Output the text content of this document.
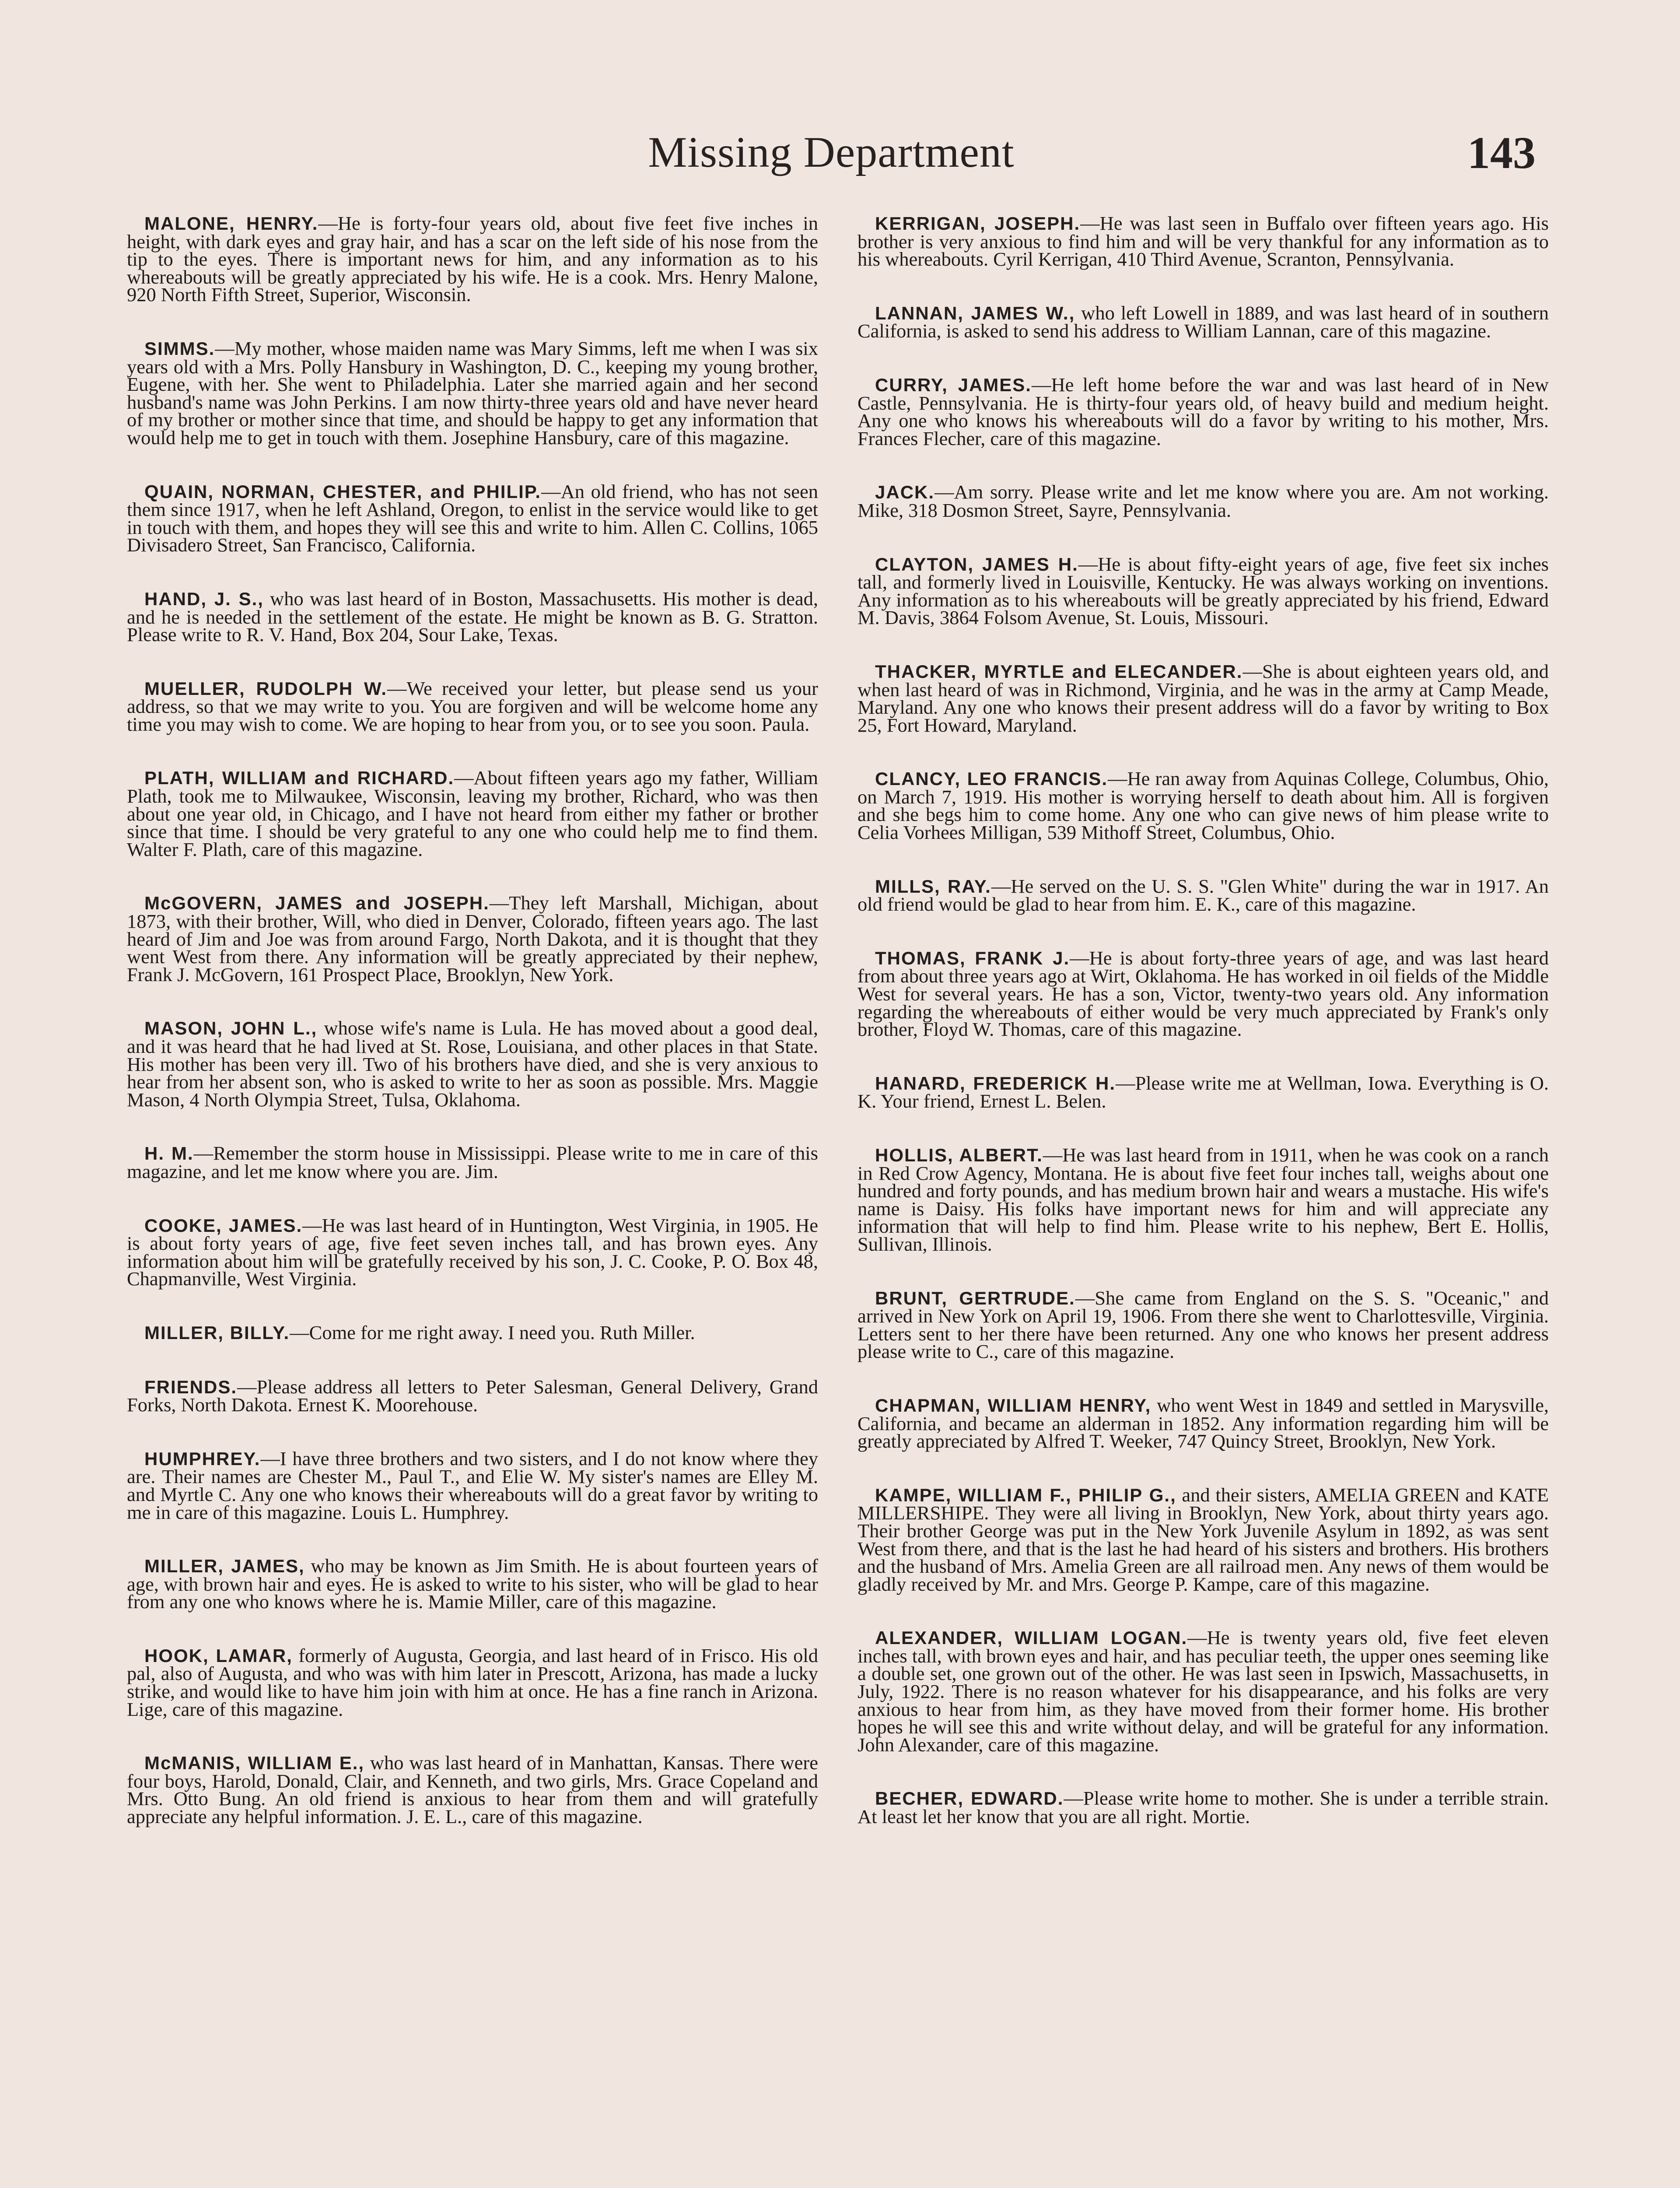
Missing Department	143

MALONE, HENRY.—He is forty-four years old, about five feet five inches in height, with dark eyes and gray hair, and has a scar on the left side of his nose from the tip to the eyes. There is important news for him, and any information as to his whereabouts will be greatly appreciated by his wife. He is a cook. Mrs. Henry Malone, 920 North Fifth Street, Superior, Wisconsin.

SIMMS.—My mother, whose maiden name was Mary Simms, left me when I was six years old with a Mrs. Polly Hansbury in Washington, D. C., keeping my young brother, Eugene, with her. She went to Philadelphia. Later she married again and her second husband's name was John Perkins. I am now thirty-three years old and have never heard of my brother or mother since that time, and should be happy to get any information that would help me to get in touch with them. Josephine Hansbury, care of this magazine.

QUAIN, NORMAN, CHESTER, and PHILIP.—An old friend, who has not seen them since 1917, when he left Ashland, Oregon, to enlist in the service would like to get in touch with them, and hopes they will see this and write to him. Allen C. Collins, 1065 Divisadero Street, San Francisco, California.

HAND, J. S., who was last heard of in Boston, Massachusetts. His mother is dead, and he is needed in the settlement of the estate. He might be known as B. G. Stratton. Please write to R. V. Hand, Box 204, Sour Lake, Texas.

MUELLER, RUDOLPH W.—We received your letter, but please send us your address, so that we may write to you. You are forgiven and will be welcome home any time you may wish to come. We are hoping to hear from you, or to see you soon. Paula.

PLATH, WILLIAM and RICHARD.—About fifteen years ago my father, William Plath, took me to Milwaukee, Wisconsin, leaving my brother, Richard, who was then about one year old, in Chicago, and I have not heard from either my father or brother since that time. I should be very grateful to any one who could help me to find them. Walter F. Plath, care of this magazine.

McGOVERN, JAMES and JOSEPH.—They left Marshall, Michigan, about 1873, with their brother, Will, who died in Denver, Colorado, fifteen years ago. The last heard of Jim and Joe was from around Fargo, North Dakota, and it is thought that they went West from there. Any information will be greatly appreciated by their nephew, Frank J. McGovern, 161 Prospect Place, Brooklyn, New York.

MASON, JOHN L., whose wife's name is Lula. He has moved about a good deal, and it was heard that he had lived at St. Rose, Louisiana, and other places in that State. His mother has been very ill. Two of his brothers have died, and she is very anxious to hear from her absent son, who is asked to write to her as soon as possible. Mrs. Maggie Mason, 4 North Olympia Street, Tulsa, Oklahoma.

H. M.—Remember the storm house in Mississippi. Please write to me in care of this magazine, and let me know where you are. Jim.

COOKE, JAMES.—He was last heard of in Huntington, West Virginia, in 1905. He is about forty years of age, five feet seven inches tall, and has brown eyes. Any information about him will be gratefully received by his son, J. C. Cooke, P. O. Box 48, Chapmanville, West Virginia.

MILLER, BILLY.—Come for me right away. I need you. Ruth Miller.

FRIENDS.—Please address all letters to Peter Salesman, General Delivery, Grand Forks, North Dakota. Ernest K. Moorehouse.

HUMPHREY.—I have three brothers and two sisters, and I do not know where they are. Their names are Chester M., Paul T., and Elie W. My sister's names are Elley M. and Myrtle C. Any one who knows their whereabouts will do a great favor by writing to me in care of this magazine. Louis L. Humphrey.

MILLER, JAMES, who may be known as Jim Smith. He is about fourteen years of age, with brown hair and eyes. He is asked to write to his sister, who will be glad to hear from any one who knows where he is. Mamie Miller, care of this magazine.

HOOK, LAMAR, formerly of Augusta, Georgia, and last heard of in Frisco. His old pal, also of Augusta, and who was with him later in Prescott, Arizona, has made a lucky strike, and would like to have him join with him at once. He has a fine ranch in Arizona. Lige, care of this magazine.

McMANIS, WILLIAM E., who was last heard of in Manhattan, Kansas. There were four boys, Harold, Donald, Clair, and Kenneth, and two girls, Mrs. Grace Copeland and Mrs. Otto Bung. An old friend is anxious to hear from them and will gratefully appreciate any helpful information. J. E. L., care of this magazine.

KERRIGAN, JOSEPH.—He was last seen in Buffalo over fifteen years ago. His brother is very anxious to find him and will be very thankful for any information as to his whereabouts. Cyril Kerrigan, 410 Third Avenue, Scranton, Pennsylvania.

LANNAN, JAMES W., who left Lowell in 1889, and was last heard of in southern California, is asked to send his address to William Lannan, care of this magazine.

CURRY, JAMES.—He left home before the war and was last heard of in New Castle, Pennsylvania. He is thirty-four years old, of heavy build and medium height. Any one who knows his whereabouts will do a favor by writing to his mother, Mrs. Frances Flecher, care of this magazine.

JACK.—Am sorry. Please write and let me know where you are. Am not working. Mike, 318 Dosmon Street, Sayre, Pennsylvania.

CLAYTON, JAMES H.—He is about fifty-eight years of age, five feet six inches tall, and formerly lived in Louisville, Kentucky. He was always working on inventions. Any information as to his whereabouts will be greatly appreciated by his friend, Edward M. Davis, 3864 Folsom Avenue, St. Louis, Missouri.

THACKER, MYRTLE and ELECANDER.—She is about eighteen years old, and when last heard of was in Richmond, Virginia, and he was in the army at Camp Meade, Maryland. Any one who knows their present address will do a favor by writing to Box 25, Fort Howard, Maryland.

CLANCY, LEO FRANCIS.—He ran away from Aquinas College, Columbus, Ohio, on March 7, 1919. His mother is worrying herself to death about him. All is forgiven and she begs him to come home. Any one who can give news of him please write to Celia Vorhees Milligan, 539 Mithoff Street, Columbus, Ohio.

MILLS, RAY.—He served on the U. S. S. "Glen White" during the war in 1917. An old friend would be glad to hear from him. E. K., care of this magazine.

THOMAS, FRANK J.—He is about forty-three years of age, and was last heard from about three years ago at Wirt, Oklahoma. He has worked in oil fields of the Middle West for several years. He has a son, Victor, twenty-two years old. Any information regarding the whereabouts of either would be very much appreciated by Frank's only brother, Floyd W. Thomas, care of this magazine.

HANARD, FREDERICK H.—Please write me at Wellman, Iowa. Everything is O. K. Your friend, Ernest L. Belen.

HOLLIS, ALBERT.—He was last heard from in 1911, when he was cook on a ranch in Red Crow Agency, Montana. He is about five feet four inches tall, weighs about one hundred and forty pounds, and has medium brown hair and wears a mustache. His wife's name is Daisy. His folks have important news for him and will appreciate any information that will help to find him. Please write to his nephew, Bert E. Hollis, Sullivan, Illinois.

BRUNT, GERTRUDE.—She came from England on the S. S. "Oceanic," and arrived in New York on April 19, 1906. From there she went to Charlottesville, Virginia. Letters sent to her there have been returned. Any one who knows her present address please write to C., care of this magazine.

CHAPMAN, WILLIAM HENRY, who went West in 1849 and settled in Marysville, California, and became an alderman in 1852. Any information regarding him will be greatly appreciated by Alfred T. Weeker, 747 Quincy Street, Brooklyn, New York.

KAMPE, WILLIAM F., PHILIP G., and their sisters, AMELIA GREEN and KATE MILLERSHIPE. They were all living in Brooklyn, New York, about thirty years ago. Their brother George was put in the New York Juvenile Asylum in 1892, as was sent West from there, and that is the last he had heard of his sisters and brothers. His brothers and the husband of Mrs. Amelia Green are all railroad men. Any news of them would be gladly received by Mr. and Mrs. George P. Kampe, care of this magazine.

ALEXANDER, WILLIAM LOGAN.—He is twenty years old, five feet eleven inches tall, with brown eyes and hair, and has peculiar teeth, the upper ones seeming like a double set, one grown out of the other. He was last seen in Ipswich, Massachusetts, in July, 1922. There is no reason whatever for his disappearance, and his folks are very anxious to hear from him, as they have moved from their former home. His brother hopes he will see this and write without delay, and will be grateful for any information. John Alexander, care of this magazine.

BECHER, EDWARD.—Please write home to mother. She is under a terrible strain. At least let her know that you are all right. Mortie.
